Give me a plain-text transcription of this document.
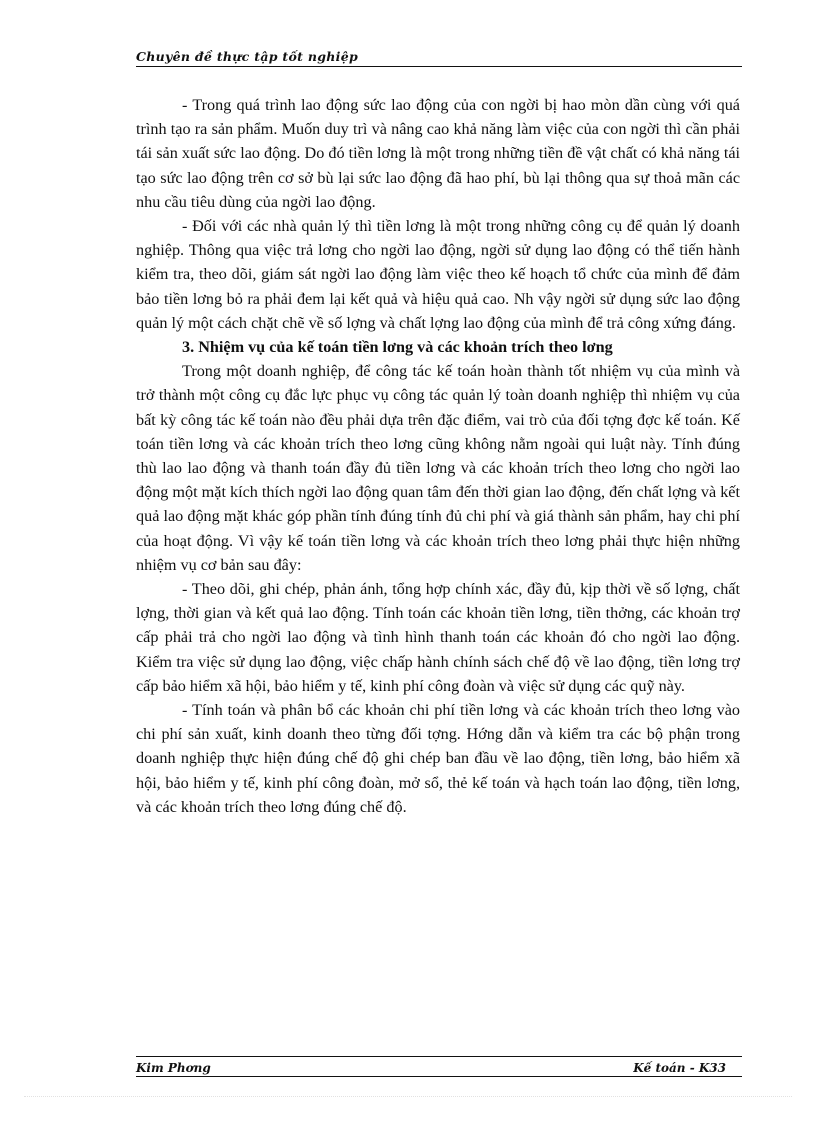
Chuyên đề thực tập tốt nghiệp

- Trong quá trình lao động sức lao động của con ngời bị hao mòn dần cùng với quá trình tạo ra sản phẩm. Muốn duy trì và nâng cao khả năng làm việc của con ngời thì cần phải tái sản xuất sức lao động. Do đó tiền lơng là một trong những tiền đề vật chất có khả năng tái tạo sức lao động trên cơ sở bù lại sức lao động đã hao phí, bù lại thông qua sự thoả mãn các nhu cầu tiêu dùng của ngời lao động.

- Đối với các nhà quản lý thì tiền lơng là một trong những công cụ để quản lý doanh nghiệp. Thông qua việc trả lơng cho ngời lao động, ngời sử dụng lao động có thể tiến hành kiểm tra, theo dõi, giám sát ngời lao động làm việc theo kế hoạch tổ chức của mình để đảm bảo tiền lơng bỏ ra phải đem lại kết quả và hiệu quả cao. Nh vậy ngời sử dụng sức lao động quản lý một cách chặt chẽ về số lợng và chất lợng lao động của mình để trả công xứng đáng.

3. Nhiệm vụ của kế toán tiền lơng và các khoản trích theo lơng

Trong một doanh nghiệp, để công tác kế toán hoàn thành tốt nhiệm vụ của mình và trở thành một công cụ đắc lực phục vụ công tác quản lý toàn doanh nghiệp thì nhiệm vụ của bất kỳ công tác kế toán nào đều phải dựa trên đặc điểm, vai trò của đối tợng đợc kế toán. Kế toán tiền lơng và các khoản trích theo lơng cũng không nằm ngoài qui luật này. Tính đúng thù lao lao động và thanh toán đầy đủ tiền lơng và các khoản trích theo lơng cho ngời lao động một mặt kích thích ngời lao động quan tâm đến thời gian lao động, đến chất lợng và kết quả lao động mặt khác góp phần tính đúng tính đủ chi phí và giá thành sản phẩm, hay chi phí của hoạt động. Vì vậy kế toán tiền lơng và các khoản trích theo lơng phải thực hiện những nhiệm vụ cơ bản sau đây:

- Theo dõi, ghi chép, phản ánh, tổng hợp chính xác, đầy đủ, kịp thời về số lợng, chất lợng, thời gian và kết quả lao động. Tính toán các khoản tiền lơng, tiền thởng, các khoản trợ cấp phải trả cho ngời lao động và tình hình thanh toán các khoản đó cho ngời lao động. Kiểm tra việc sử dụng lao động, việc chấp hành chính sách chế độ về lao động, tiền lơng trợ cấp bảo hiểm xã hội, bảo hiểm y tế, kinh phí công đoàn và việc sử dụng các quỹ này.

- Tính toán và phân bổ các khoản chi phí tiền lơng và các khoản trích theo lơng vào chi phí sản xuất, kinh doanh theo từng đối tợng. Hớng dẫn và kiểm tra các bộ phận trong doanh nghiệp thực hiện đúng chế độ ghi chép ban đầu về lao động, tiền lơng, bảo hiểm xã hội, bảo hiểm y tế, kinh phí công đoàn, mở sổ, thẻ kế toán và hạch toán lao động, tiền lơng, và các khoản trích theo lơng đúng chế độ.

Kim Phơng	Kế toán - K33
